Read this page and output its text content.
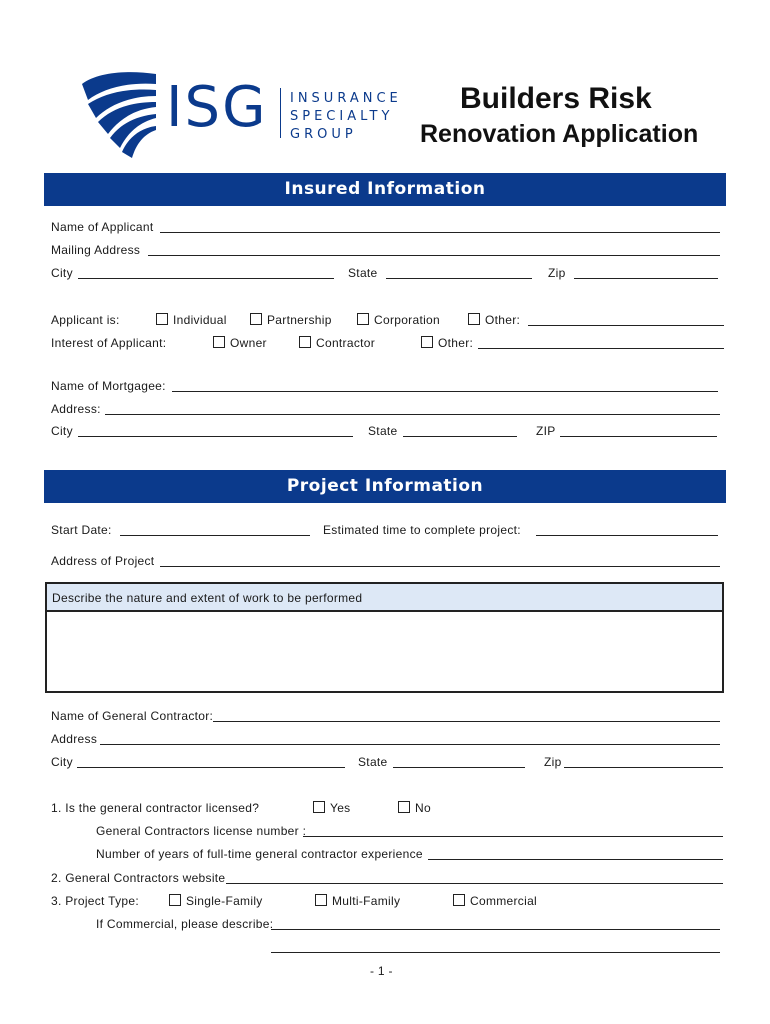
ISG INSURANCE
SPECIALTY
GROUP
Builders Risk
Renovation Application
Insured Information
Name of Applicant
Mailing Address
City	State	Zip
Applicant is:	Individual	Partnership	Corporation	Other:
Interest of Applicant:	Owner	Contractor	Other:
Name of Mortgagee:
Address:
City	State	ZIP
Project Information
Start Date:	Estimated time to complete project:
Address of Project
Describe the nature and extent of work to be performed
Name of General Contractor:
Address
City	State	Zip
1. Is the general contractor licensed?	Yes	No
General Contractors license number :
Number of years of full-time general contractor experience
2. General Contractors website
3. Project Type:	Single-Family	Multi-Family	Commercial
If Commercial, please describe:
- 1 -
